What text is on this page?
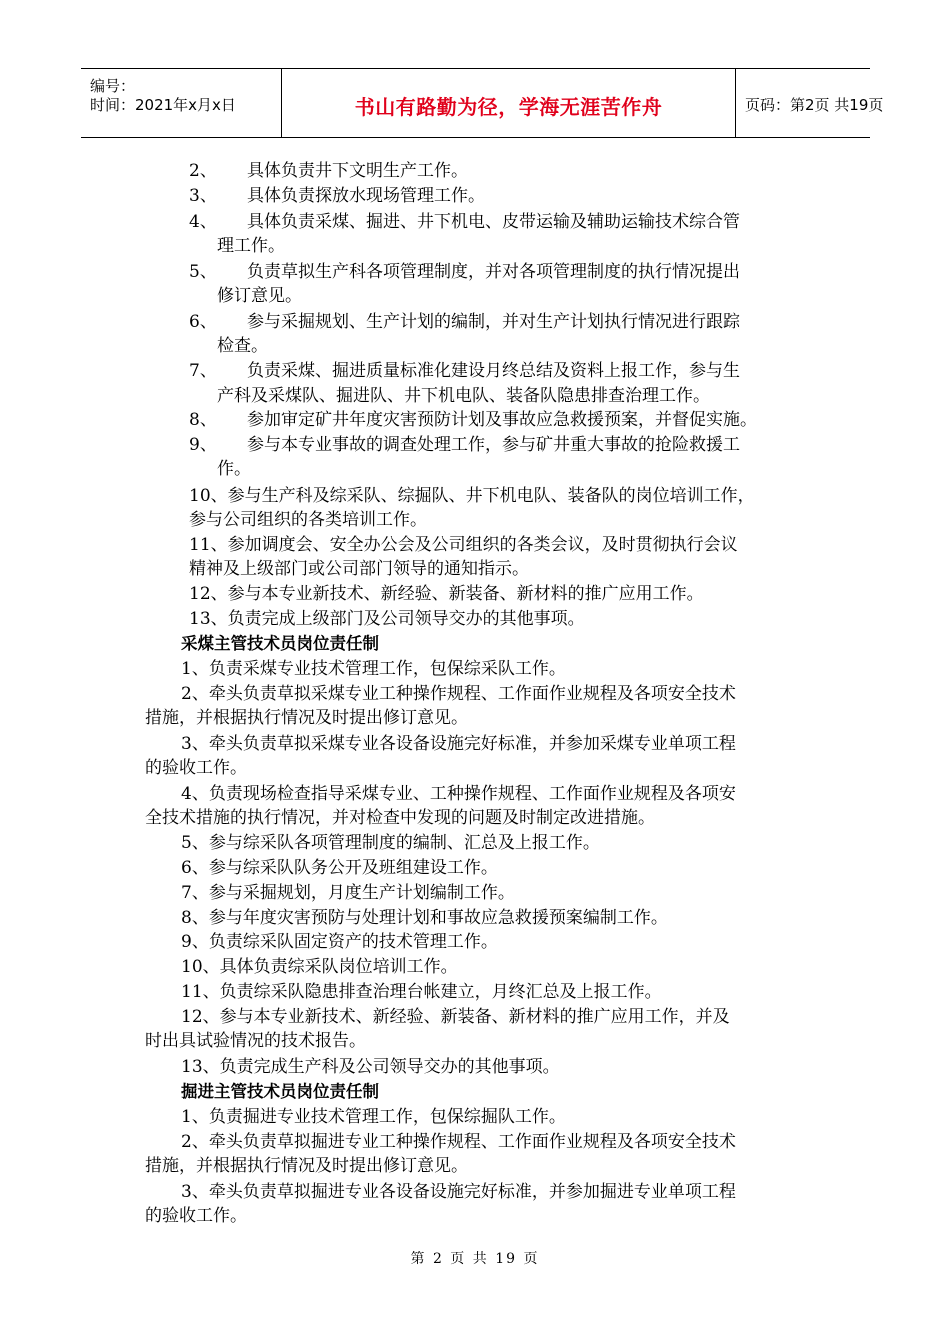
编号：
时间：2021年x月x日	书山有路勤为径，学海无涯苦作舟	页码：第2页 共19页
2、 具体负责井下文明生产工作。
3、 具体负责探放水现场管理工作。
4、 具体负责采煤、掘进、井下机电、皮带运输及辅助运输技术综合管
理工作。
5、 负责草拟生产科各项管理制度，并对各项管理制度的执行情况提出
修订意见。
6、 参与采掘规划、生产计划的编制，并对生产计划执行情况进行跟踪
检查。
7、 负责采煤、掘进质量标准化建设月终总结及资料上报工作，参与生
产科及采煤队、掘进队、井下机电队、装备队隐患排查治理工作。
8、 参加审定矿井年度灾害预防计划及事故应急救援预案，并督促实施。
9、 参与本专业事故的调查处理工作，参与矿井重大事故的抢险救援工
作。
10、参与生产科及综采队、综掘队、井下机电队、装备队的岗位培训工作，
参与公司组织的各类培训工作。
11、参加调度会、安全办公会及公司组织的各类会议，及时贯彻执行会议
精神及上级部门或公司部门领导的通知指示。
12、参与本专业新技术、新经验、新装备、新材料的推广应用工作。
13、负责完成上级部门及公司领导交办的其他事项。
采煤主管技术员岗位责任制
1、负责采煤专业技术管理工作，包保综采队工作。
2、牵头负责草拟采煤专业工种操作规程、工作面作业规程及各项安全技术
措施，并根据执行情况及时提出修订意见。
3、牵头负责草拟采煤专业各设备设施完好标准，并参加采煤专业单项工程
的验收工作。
4、负责现场检查指导采煤专业、工种操作规程、工作面作业规程及各项安
全技术措施的执行情况，并对检查中发现的问题及时制定改进措施。
5、参与综采队各项管理制度的编制、汇总及上报工作。
6、参与综采队队务公开及班组建设工作。
7、参与采掘规划，月度生产计划编制工作。
8、参与年度灾害预防与处理计划和事故应急救援预案编制工作。
9、负责综采队固定资产的技术管理工作。
10、具体负责综采队岗位培训工作。
11、负责综采队隐患排查治理台帐建立，月终汇总及上报工作。
12、参与本专业新技术、新经验、新装备、新材料的推广应用工作，并及
时出具试验情况的技术报告。
13、负责完成生产科及公司领导交办的其他事项。
掘进主管技术员岗位责任制
1、负责掘进专业技术管理工作，包保综掘队工作。
2、牵头负责草拟掘进专业工种操作规程、工作面作业规程及各项安全技术
措施，并根据执行情况及时提出修订意见。
3、牵头负责草拟掘进专业各设备设施完好标准，并参加掘进专业单项工程
的验收工作。
第 2 页 共 19 页
